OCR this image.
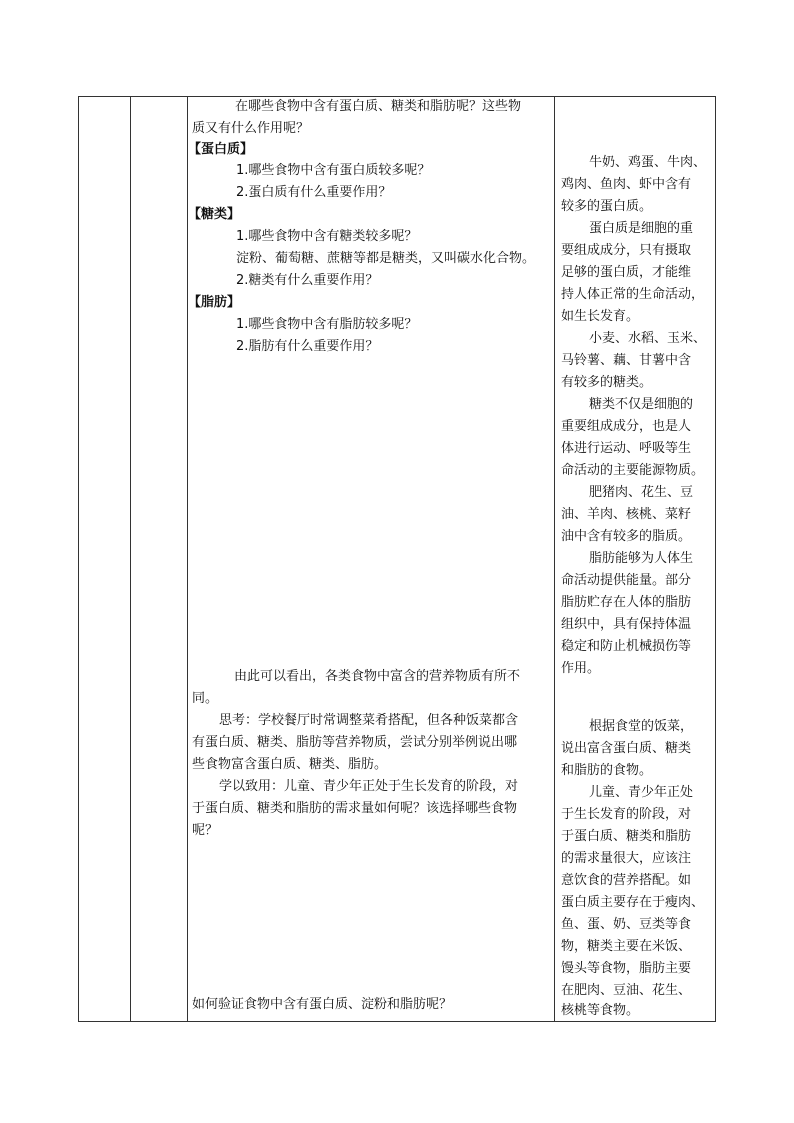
在哪些食物中含有蛋白质、糖类和脂肪呢？这些物
质又有什么作用呢？
【蛋白质】
1.哪些食物中含有蛋白质较多呢？
2.蛋白质有什么重要作用？
【糖类】
1.哪些食物中含有糖类较多呢？
淀粉、葡萄糖、蔗糖等都是糖类，又叫碳水化合物。
2.糖类有什么重要作用？
【脂肪】
1.哪些食物中含有脂肪较多呢？
2.脂肪有什么重要作用？
由此可以看出，各类食物中富含的营养物质有所不
同。
思考：学校餐厅时常调整菜肴搭配，但各种饭菜都含
有蛋白质、糖类、脂肪等营养物质，尝试分别举例说出哪
些食物富含蛋白质、糖类、脂肪。
学以致用：儿童、青少年正处于生长发育的阶段，对
于蛋白质、糖类和脂肪的需求量如何呢？该选择哪些食物
呢？
如何验证食物中含有蛋白质、淀粉和脂肪呢？
牛奶、鸡蛋、牛肉、
鸡肉、鱼肉、虾中含有
较多的蛋白质。
蛋白质是细胞的重
要组成成分，只有摄取
足够的蛋白质，才能维
持人体正常的生命活动，
如生长发育。
小麦、水稻、玉米、
马铃薯、藕、甘薯中含
有较多的糖类。
糖类不仅是细胞的
重要组成成分，也是人
体进行运动、呼吸等生
命活动的主要能源物质。
肥猪肉、花生、豆
油、羊肉、核桃、菜籽
油中含有较多的脂质。
脂肪能够为人体生
命活动提供能量。部分
脂肪贮存在人体的脂肪
组织中，具有保持体温
稳定和防止机械损伤等
作用。
根据食堂的饭菜，
说出富含蛋白质、糖类
和脂肪的食物。
儿童、青少年正处
于生长发育的阶段，对
于蛋白质、糖类和脂肪
的需求量很大，应该注
意饮食的营养搭配。如
蛋白质主要存在于瘦肉、
鱼、蛋、奶、豆类等食
物，糖类主要在米饭、
馒头等食物，脂肪主要
在肥肉、豆油、花生、
核桃等食物。
